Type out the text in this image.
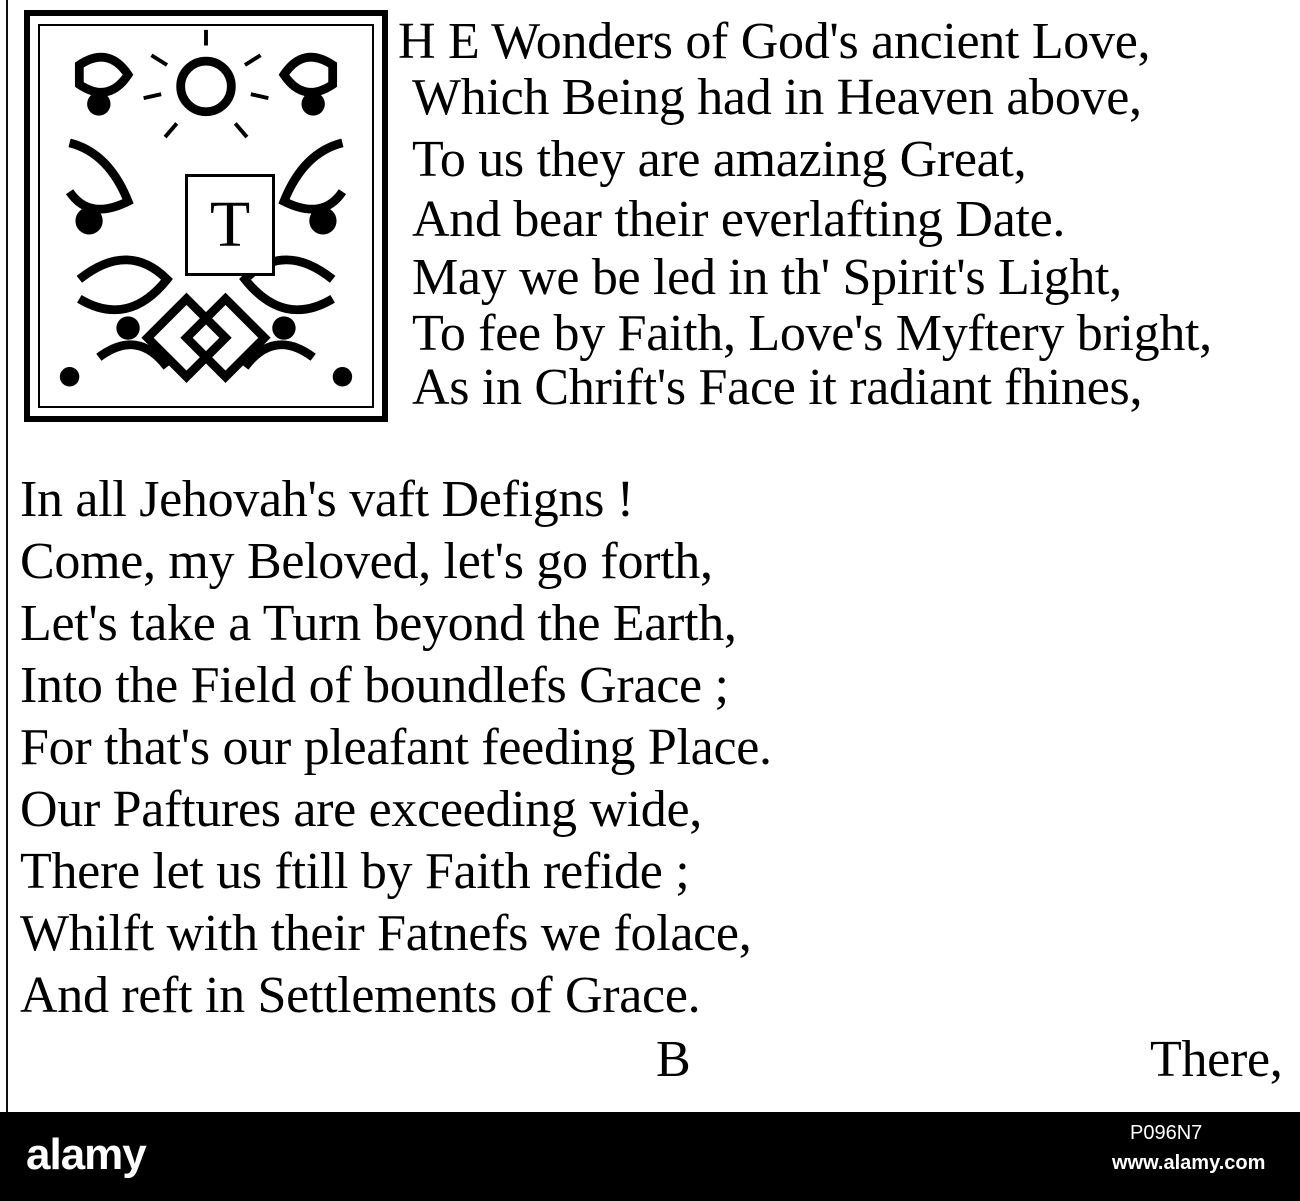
T
H E Wonders of God's ancient Love,
Which Being had in Heaven above,
To us they are amazing Great,
And bear their everlafting Date.
May we be led in th' Spirit's Light,
To fee by Faith, Love's Myftery bright,
As in Chrift's Face it radiant fhines,
In all Jehovah's vaft Defigns !
Come, my Beloved, let's go forth,
Let's take a Turn beyond the Earth,
Into the Field of boundlefs Grace ;
For that's our pleafant feeding Place.
Our Paftures are exceeding wide,
There let us ftill by Faith refide ;
Whilft with their Fatnefs we folace,
And reft in Settlements of Grace.
B	There,
alamy	P096N7
www.alamy.com
